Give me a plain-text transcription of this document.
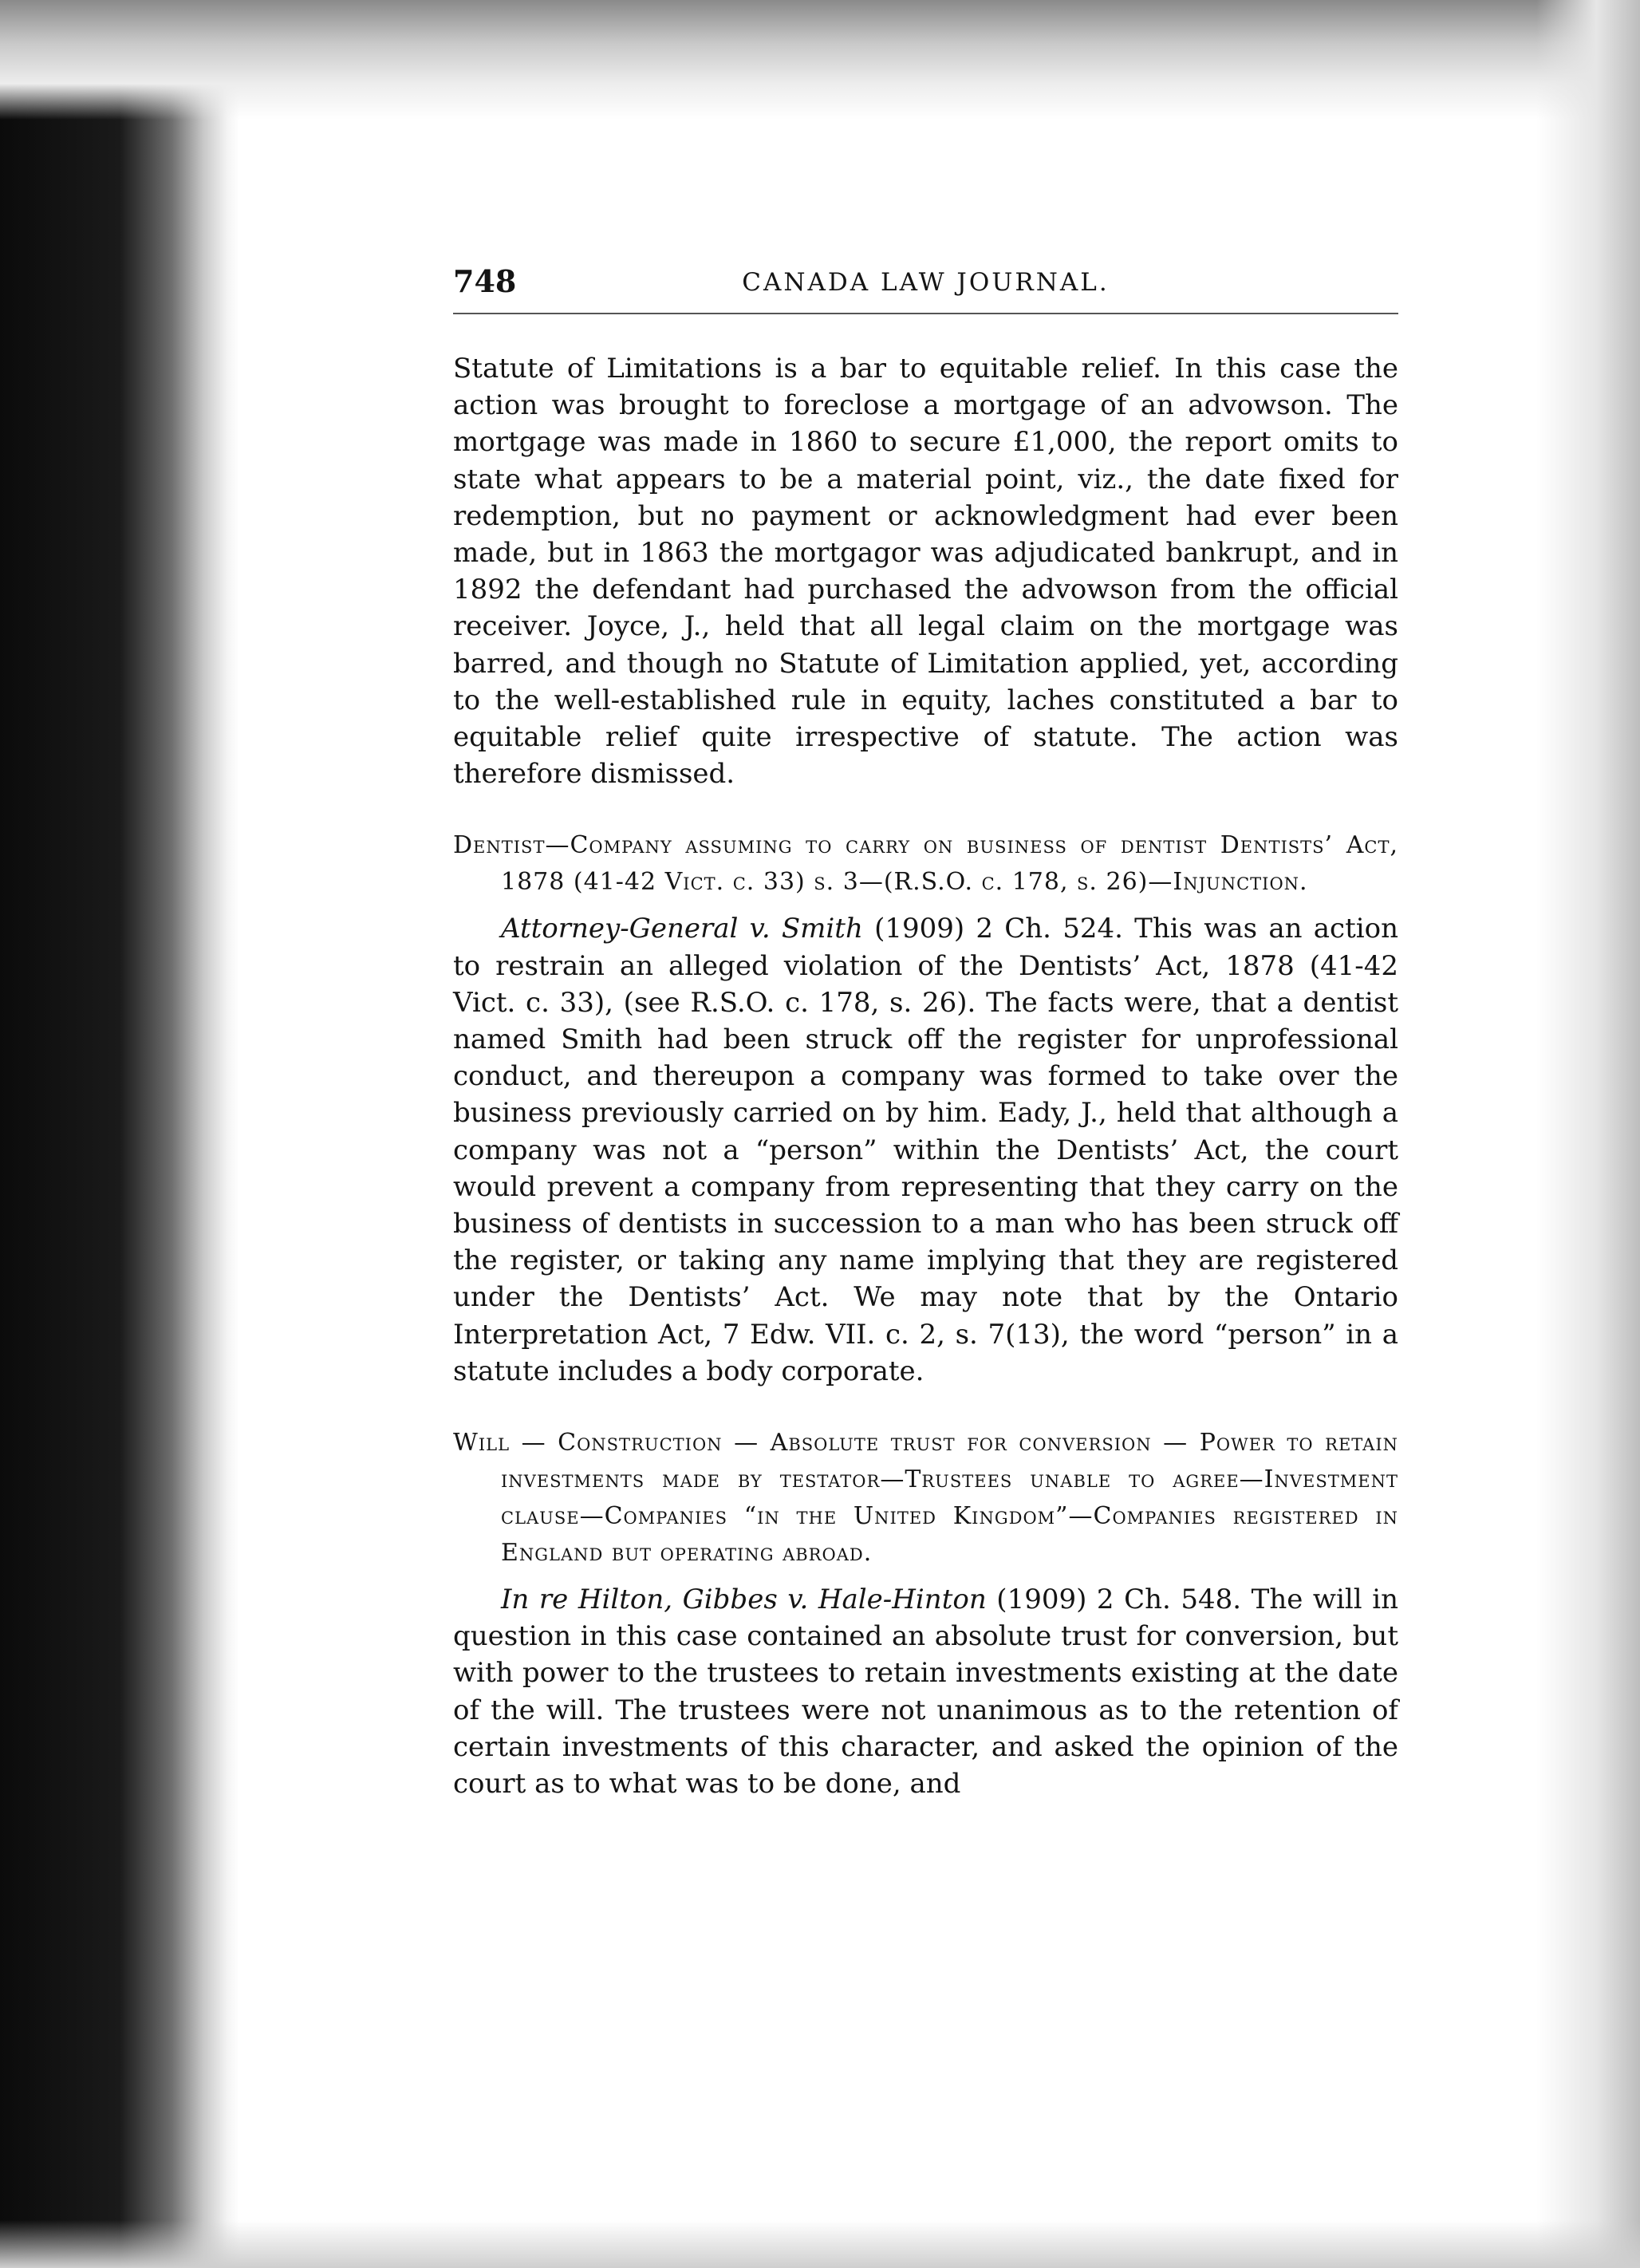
748	CANADA LAW JOURNAL.

Statute of Limitations is a bar to equitable relief. In this case the action was brought to foreclose a mortgage of an advowson. The mortgage was made in 1860 to secure £1,000, the report omits to state what appears to be a material point, viz., the date fixed for redemption, but no payment or acknowledgment had ever been made, but in 1863 the mortgagor was adjudicated bankrupt, and in 1892 the defendant had purchased the advowson from the official receiver. Joyce, J., held that all legal claim on the mortgage was barred, and though no Statute of Limitation applied, yet, according to the well-established rule in equity, laches constituted a bar to equitable relief quite irrespective of statute. The action was therefore dismissed.

Dentist—Company assuming to carry on business of dentist Dentists’ Act, 1878 (41-42 Vict. c. 33) s. 3—(R.S.O. c. 178, s. 26)—Injunction.

Attorney-General v. Smith (1909) 2 Ch. 524. This was an action to restrain an alleged violation of the Dentists’ Act, 1878 (41-42 Vict. c. 33), (see R.S.O. c. 178, s. 26). The facts were, that a dentist named Smith had been struck off the register for unprofessional conduct, and thereupon a company was formed to take over the business previously carried on by him. Eady, J., held that although a company was not a “person” within the Dentists’ Act, the court would prevent a company from representing that they carry on the business of dentists in succession to a man who has been struck off the register, or taking any name implying that they are registered under the Dentists’ Act. We may note that by the Ontario Interpretation Act, 7 Edw. VII. c. 2, s. 7(13), the word “person” in a statute includes a body corporate.

Will — Construction — Absolute trust for conversion — Power to retain investments made by testator—Trustees unable to agree—Investment clause—Companies “in the United Kingdom”—Companies registered in England but operating abroad.

In re Hilton, Gibbes v. Hale-Hinton (1909) 2 Ch. 548. The will in question in this case contained an absolute trust for conversion, but with power to the trustees to retain investments existing at the date of the will. The trustees were not unanimous as to the retention of certain investments of this character, and asked the opinion of the court as to what was to be done, and
